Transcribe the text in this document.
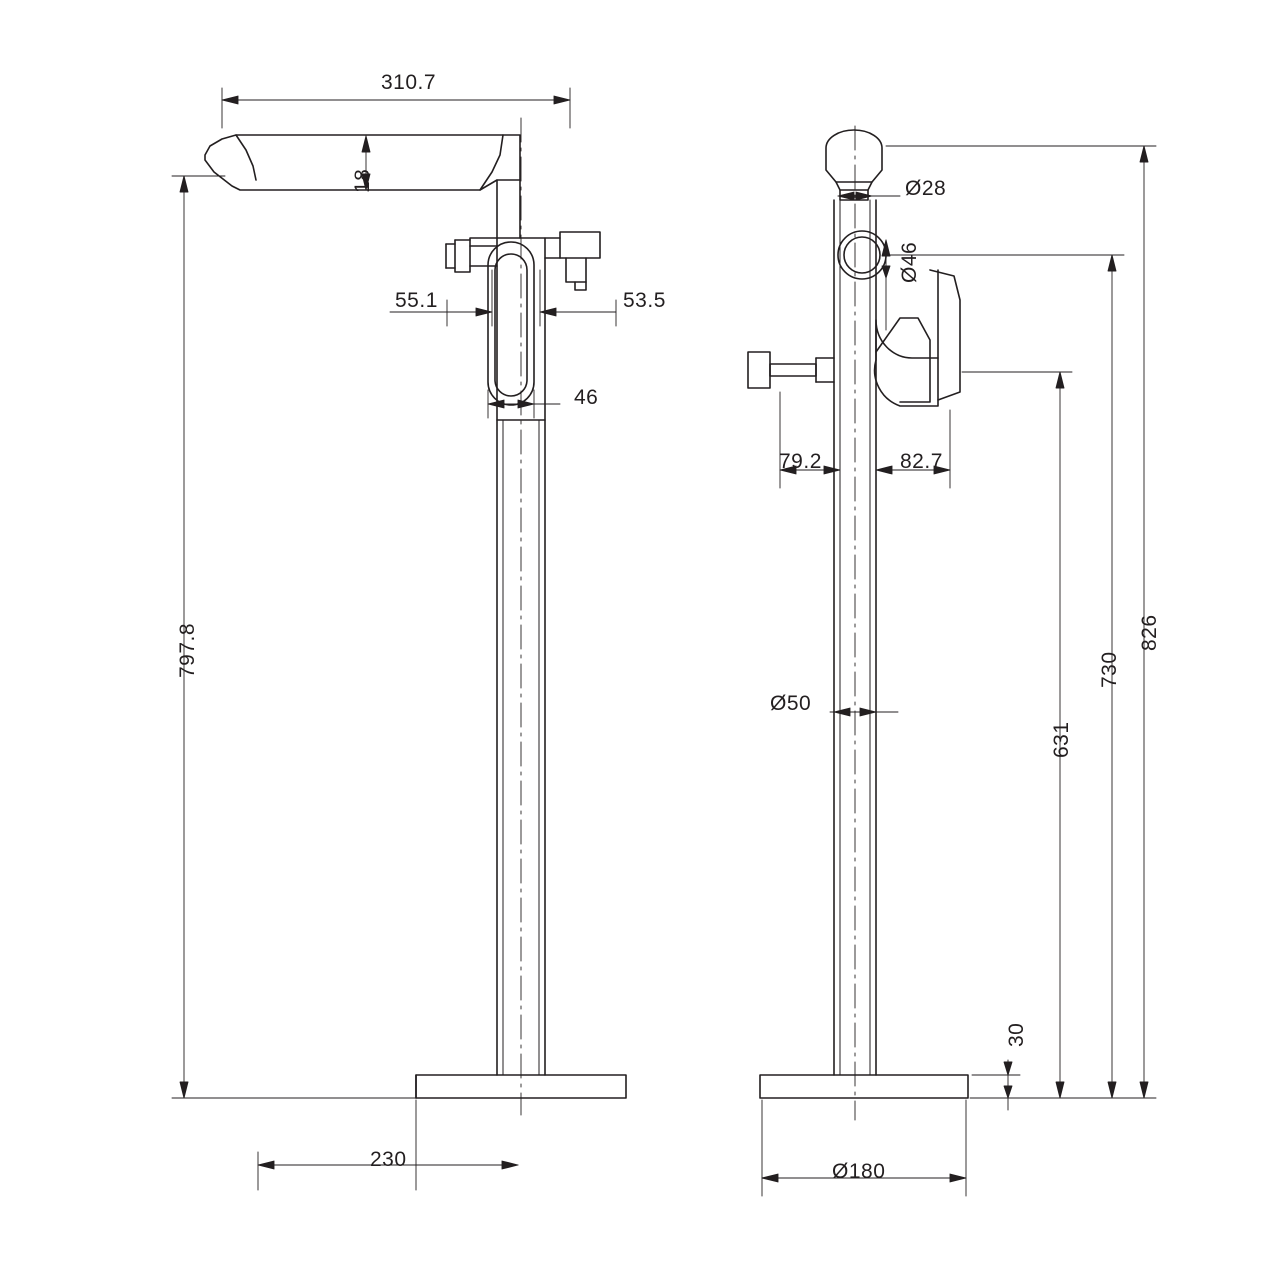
310.7
18
55.1	53.5
46
797.8
230
Ø28
Ø46
79.2	82.7
Ø50
826
730
631
30
Ø180
